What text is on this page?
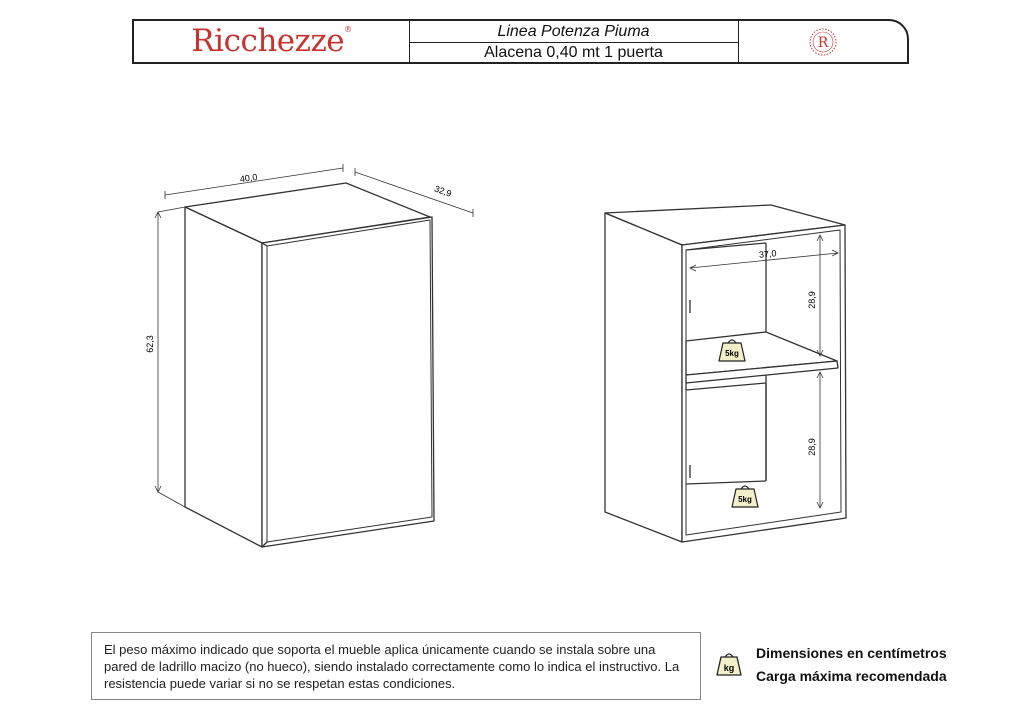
Ricchezze®	Linea Potenza Piuma
Alacena 0,40 mt 1 puerta
R
40,0
32,9
62,3
37,0
28,9
28,9
5kg
5kg
El peso máximo indicado que soporta el mueble aplica únicamente cuando se instala sobre una pared de ladrillo macizo (no hueco), siendo instalado correctamente como lo indica el instructivo. La resistencia puede variar si no se respetan estas condiciones.
kg
Dimensiones en centímetros
Carga máxima recomendada
